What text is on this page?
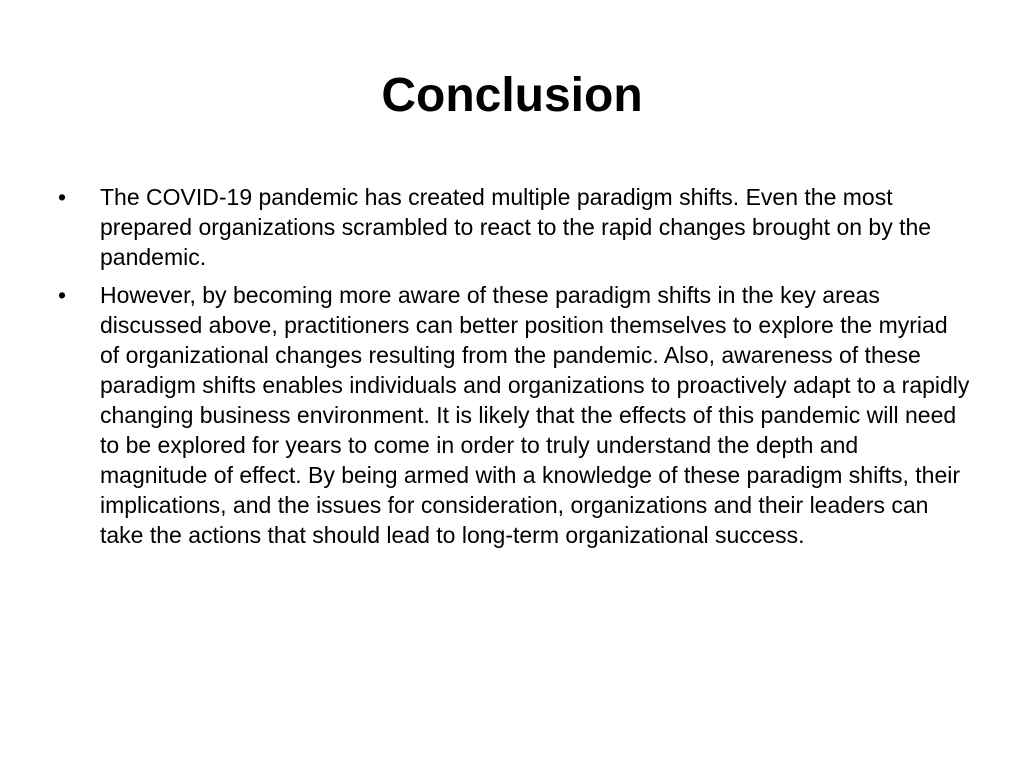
Conclusion
•	The COVID-19 pandemic has created multiple paradigm shifts. Even the most prepared organizations scrambled to react to the rapid changes brought on by the pandemic.
•	However, by becoming more aware of these paradigm shifts in the key areas discussed above, practitioners can better position themselves to explore the myriad of organizational changes resulting from the pandemic. Also, awareness of these paradigm shifts enables individuals and organizations to proactively adapt to a rapidly changing business environment. It is likely that the effects of this pandemic will need to be explored for years to come in order to truly understand the depth and magnitude of effect. By being armed with a knowledge of these paradigm shifts, their implications, and the issues for consideration, organizations and their leaders can take the actions that should lead to long-term organizational success.
